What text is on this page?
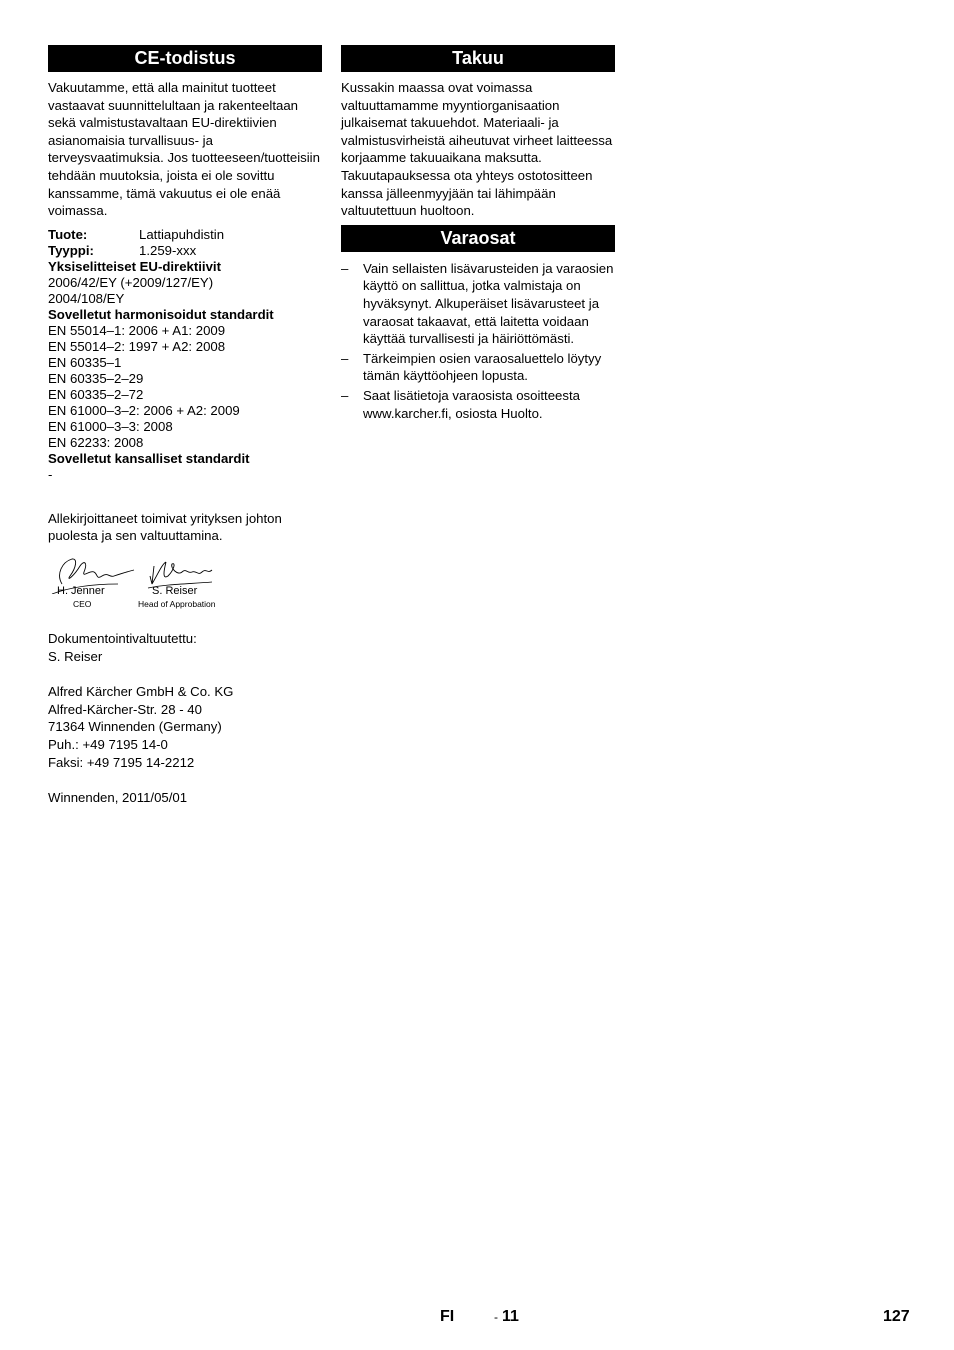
CE-todistus

Vakuutamme, että alla mainitut tuotteet vastaavat suunnittelultaan ja rakenteeltaan sekä valmistustavaltaan EU-direktiivien asianomaisia turvallisuus- ja terveysvaatimuksia. Jos tuotteeseen/tuotteisiin tehdään muutoksia, joista ei ole sovittu kanssamme, tämä vakuutus ei ole enää voimassa.

Tuote:	Lattiapuhdistin
Tyyppi:	1.259-xxx
Yksiselitteiset EU-direktiivit
2006/42/EY (+2009/127/EY)
2004/108/EY
Sovelletut harmonisoidut standardit
EN 55014–1: 2006 + A1: 2009
EN 55014–2: 1997 + A2: 2008
EN 60335–1
EN 60335–2–29
EN 60335–2–72
EN 61000–3–2: 2006 + A2: 2009
EN 61000–3–3: 2008
EN 62233: 2008
Sovelletut kansalliset standardit
-

Allekirjoittaneet toimivat yrityksen johton puolesta ja sen valtuuttamina.

H. Jenner
CEO
S. Reiser
Head of Approbation
Dokumentointivaltuutettu:
S. Reiser
Alfred Kärcher GmbH & Co. KG
Alfred-Kärcher-Str. 28 - 40
71364 Winnenden (Germany)
Puh.: +49 7195 14-0
Faksi: +49 7195 14-2212
Winnenden, 2011/05/01
Takuu

Kussakin maassa ovat voimassa valtuuttamamme myyntiorganisaation julkaisemat takuuehdot. Materiaali- ja valmistusvirheistä aiheutuvat virheet laitteessa korjaamme takuuaikana maksutta. Takuutapauksessa ota yhteys ostotositteen kanssa jälleenmyyjään tai lähimpään valtuutettuun huoltoon.

Varaosat
– Vain sellaisten lisävarusteiden ja varaosien käyttö on sallittua, jotka valmistaja on hyväksynyt. Alkuperäiset lisävarusteet ja varaosat takaavat, että laitetta voidaan käyttää turvallisesti ja häiriöttömästi.
– Tärkeimpien osien varaosaluettelo löytyy tämän käyttöohjeen lopusta.
– Saat lisätietoja varaosista osoitteesta www.karcher.fi, osiosta Huolto.
FI	- 11	127
